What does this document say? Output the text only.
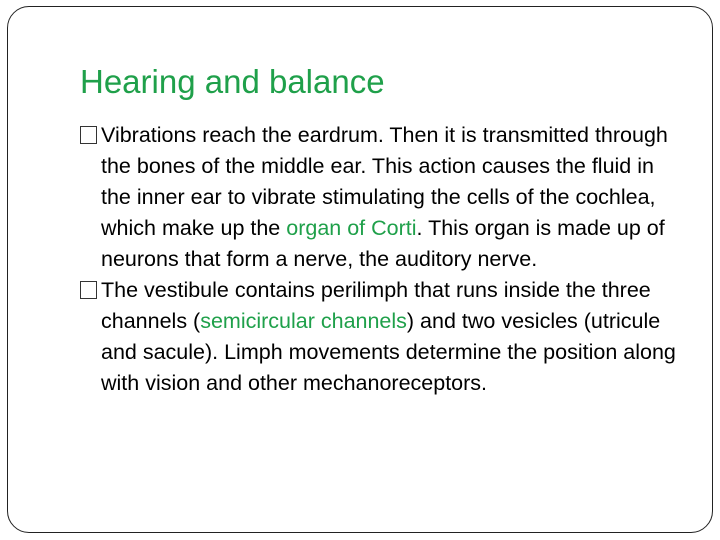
Hearing and balance

Vibrations reach the eardrum. Then it is transmitted through the bones of the middle ear. This action causes the fluid in the inner ear to vibrate stimulating the cells of the cochlea, which make up the organ of Corti. This organ is made up of neurons that form a nerve, the auditory nerve.

The vestibule contains perilimph that runs inside the three channels (semicircular channels) and two vesicles (utricule and sacule). Limph movements determine the position along with vision and other mechanoreceptors.
